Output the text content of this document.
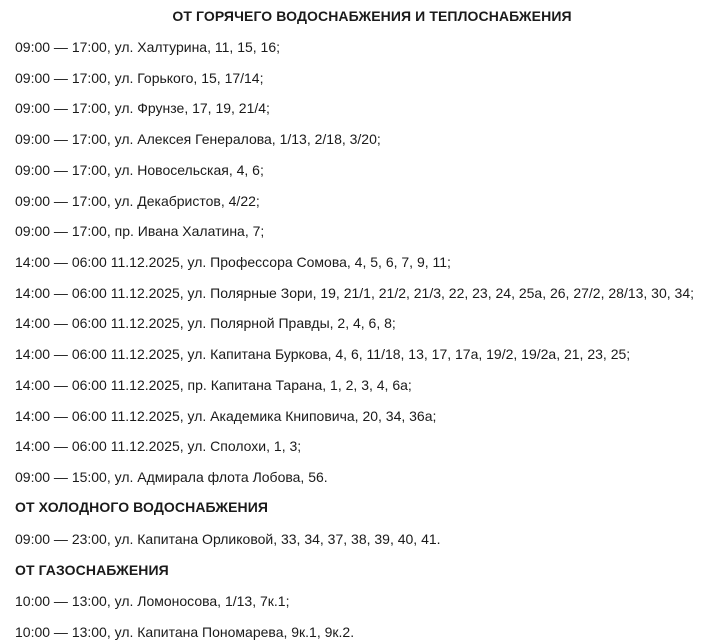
ОТ ГОРЯЧЕГО ВОДОСНАБЖЕНИЯ И ТЕПЛОСНАБЖЕНИЯ
09:00 — 17:00, ул. Халтурина, 11, 15, 16;
09:00 — 17:00, ул. Горького, 15, 17/14;
09:00 — 17:00, ул. Фрунзе, 17, 19, 21/4;
09:00 — 17:00, ул. Алексея Генералова, 1/13, 2/18, 3/20;
09:00 — 17:00, ул. Новосельская, 4, 6;
09:00 — 17:00, ул. Декабристов, 4/22;
09:00 — 17:00, пр. Ивана Халатина, 7;
14:00 — 06:00 11.12.2025, ул. Профессора Сомова, 4, 5, 6, 7, 9, 11;
14:00 — 06:00 11.12.2025, ул. Полярные Зори, 19, 21/1, 21/2, 21/3, 22, 23, 24, 25а, 26, 27/2, 28/13, 30, 34;
14:00 — 06:00 11.12.2025, ул. Полярной Правды, 2, 4, 6, 8;
14:00 — 06:00 11.12.2025, ул. Капитана Буркова, 4, 6, 11/18, 13, 17, 17а, 19/2, 19/2а, 21, 23, 25;
14:00 — 06:00 11.12.2025, пр. Капитана Тарана, 1, 2, 3, 4, 6а;
14:00 — 06:00 11.12.2025, ул. Академика Книповича, 20, 34, 36а;
14:00 — 06:00 11.12.2025, ул. Сполохи, 1, 3;
09:00 — 15:00, ул. Адмирала флота Лобова, 56.
ОТ ХОЛОДНОГО ВОДОСНАБЖЕНИЯ
09:00 — 23:00, ул. Капитана Орликовой, 33, 34, 37, 38, 39, 40, 41.
ОТ ГАЗОСНАБЖЕНИЯ
10:00 — 13:00, ул. Ломоносова, 1/13, 7к.1;
10:00 — 13:00, ул. Капитана Пономарева, 9к.1, 9к.2.
